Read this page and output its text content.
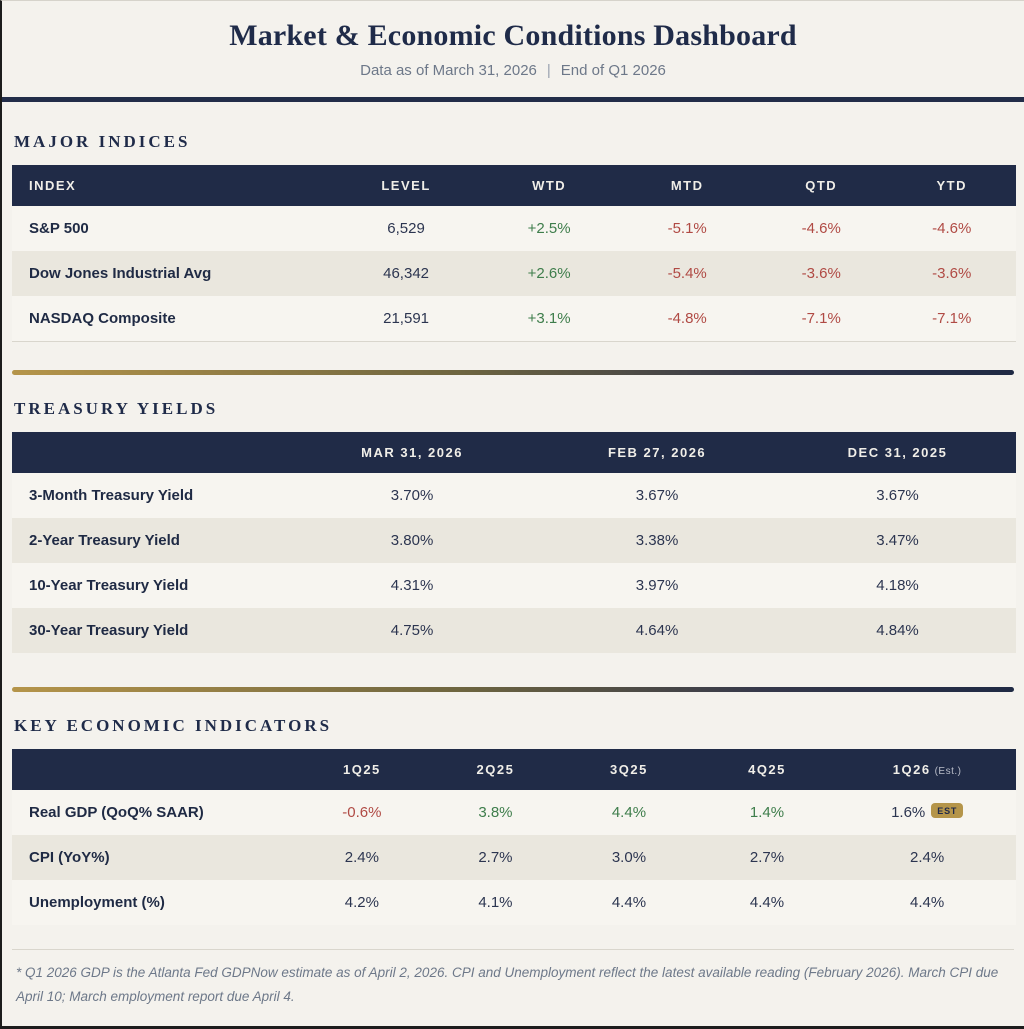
Market & Economic Conditions Dashboard
Data as of March 31, 2026 | End of Q1 2026
MAJOR INDICES
INDEX	LEVEL	WTD	MTD	QTD	YTD
S&P 500	6,529	+2.5%	-5.1%	-4.6%	-4.6%
Dow Jones Industrial Avg	46,342	+2.6%	-5.4%	-3.6%	-3.6%
NASDAQ Composite	21,591	+3.1%	-4.8%	-7.1%	-7.1%
TREASURY YIELDS
	MAR 31, 2026	FEB 27, 2026	DEC 31, 2025
3-Month Treasury Yield	3.70%	3.67%	3.67%
2-Year Treasury Yield	3.80%	3.38%	3.47%
10-Year Treasury Yield	4.31%	3.97%	4.18%
30-Year Treasury Yield	4.75%	4.64%	4.84%
KEY ECONOMIC INDICATORS
	1Q25	2Q25	3Q25	4Q25	1Q26 (Est.)
Real GDP (QoQ% SAAR)	-0.6%	3.8%	4.4%	1.4%	1.6% EST
CPI (YoY%)	2.4%	2.7%	3.0%	2.7%	2.4%
Unemployment (%)	4.2%	4.1%	4.4%	4.4%	4.4%
* Q1 2026 GDP is the Atlanta Fed GDPNow estimate as of April 2, 2026. CPI and Unemployment reflect the latest available reading (February 2026). March CPI due April 10; March employment report due April 4.
